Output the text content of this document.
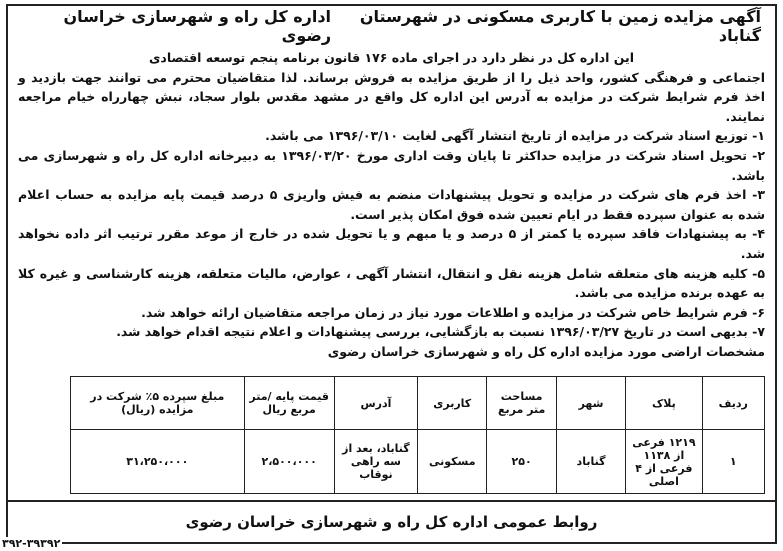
آگهی مزایده زمین با کاربری مسکونی در شهرستان گناباد
اداره کل راه و شهرسازی خراسان رضوی

این اداره کل در نظر دارد در اجرای ماده ۱۷۶ قانون برنامه پنجم توسعه اقتصادی

اجتماعی و فرهنگی کشور، واحد ذیل را از طریق مزایده به فروش برساند. لذا متقاضیان محترم می توانند جهت بازدید و اخذ فرم شرایط شرکت در مزایده به آدرس این اداره کل واقع در مشهد مقدس بلوار سجاد، نبش چهارراه خیام مراجعه نمایند.

۱- توزیع اسناد شرکت در مزایده از تاریخ انتشار آگهی لغایت ۱۳۹۶/۰۳/۱۰ می باشد.

۲- تحویل اسناد شرکت در مزایده حداکثر تا پایان وقت اداری مورخ ۱۳۹۶/۰۳/۲۰ به دبیرخانه اداره کل راه و شهرسازی می باشد.

۳- اخذ فرم های شرکت در مزایده و تحویل پیشنهادات منضم به فیش واریزی ۵ درصد قیمت پایه مزایده به حساب اعلام شده به عنوان سپرده فقط در ایام تعیین شده فوق امکان پذیر است.

۴- به پیشنهادات فاقد سپرده یا کمتر از ۵ درصد و یا مبهم و یا تحویل شده در خارج از موعد مقرر ترتیب اثر داده نخواهد شد.

۵- کلیه هزینه های متعلقه شامل هزینه نقل و انتقال، انتشار آگهی ، عوارض، مالیات متعلقه، هزینه کارشناسی و غیره کلا به عهده برنده مزایده می باشد.

۶- فرم شرایط خاص شرکت در مزایده و اطلاعات مورد نیاز در زمان مراجعه متقاضیان ارائه خواهد شد.

۷- بدیهی است در تاریخ ۱۳۹۶/۰۳/۲۷ نسبت به بازگشایی، بررسی پیشنهادات و اعلام نتیجه اقدام خواهد شد.

مشخصات اراضی مورد مزایده اداره کل راه و شهرسازی خراسان رضوی

ردیف	پلاک	شهر	مساحت متر مربع	کاربری	آدرس	قیمت پایه /متر مربع ریال	مبلغ سپرده ۵٪ شرکت در مزایده (ریال)
۱	۱۲۱۹ فرعی از ۱۱۳۸ فرعی از ۴ اصلی	گناباد	۲۵۰	مسکونی	گناباد، بعد از سه راهی نوقاب	۲،۵۰۰،۰۰۰	۳۱،۲۵۰،۰۰۰
روابط عمومی اداره کل راه و شهرسازی خراسان رضوی
۳۹۲-۳۹۳۹۲
